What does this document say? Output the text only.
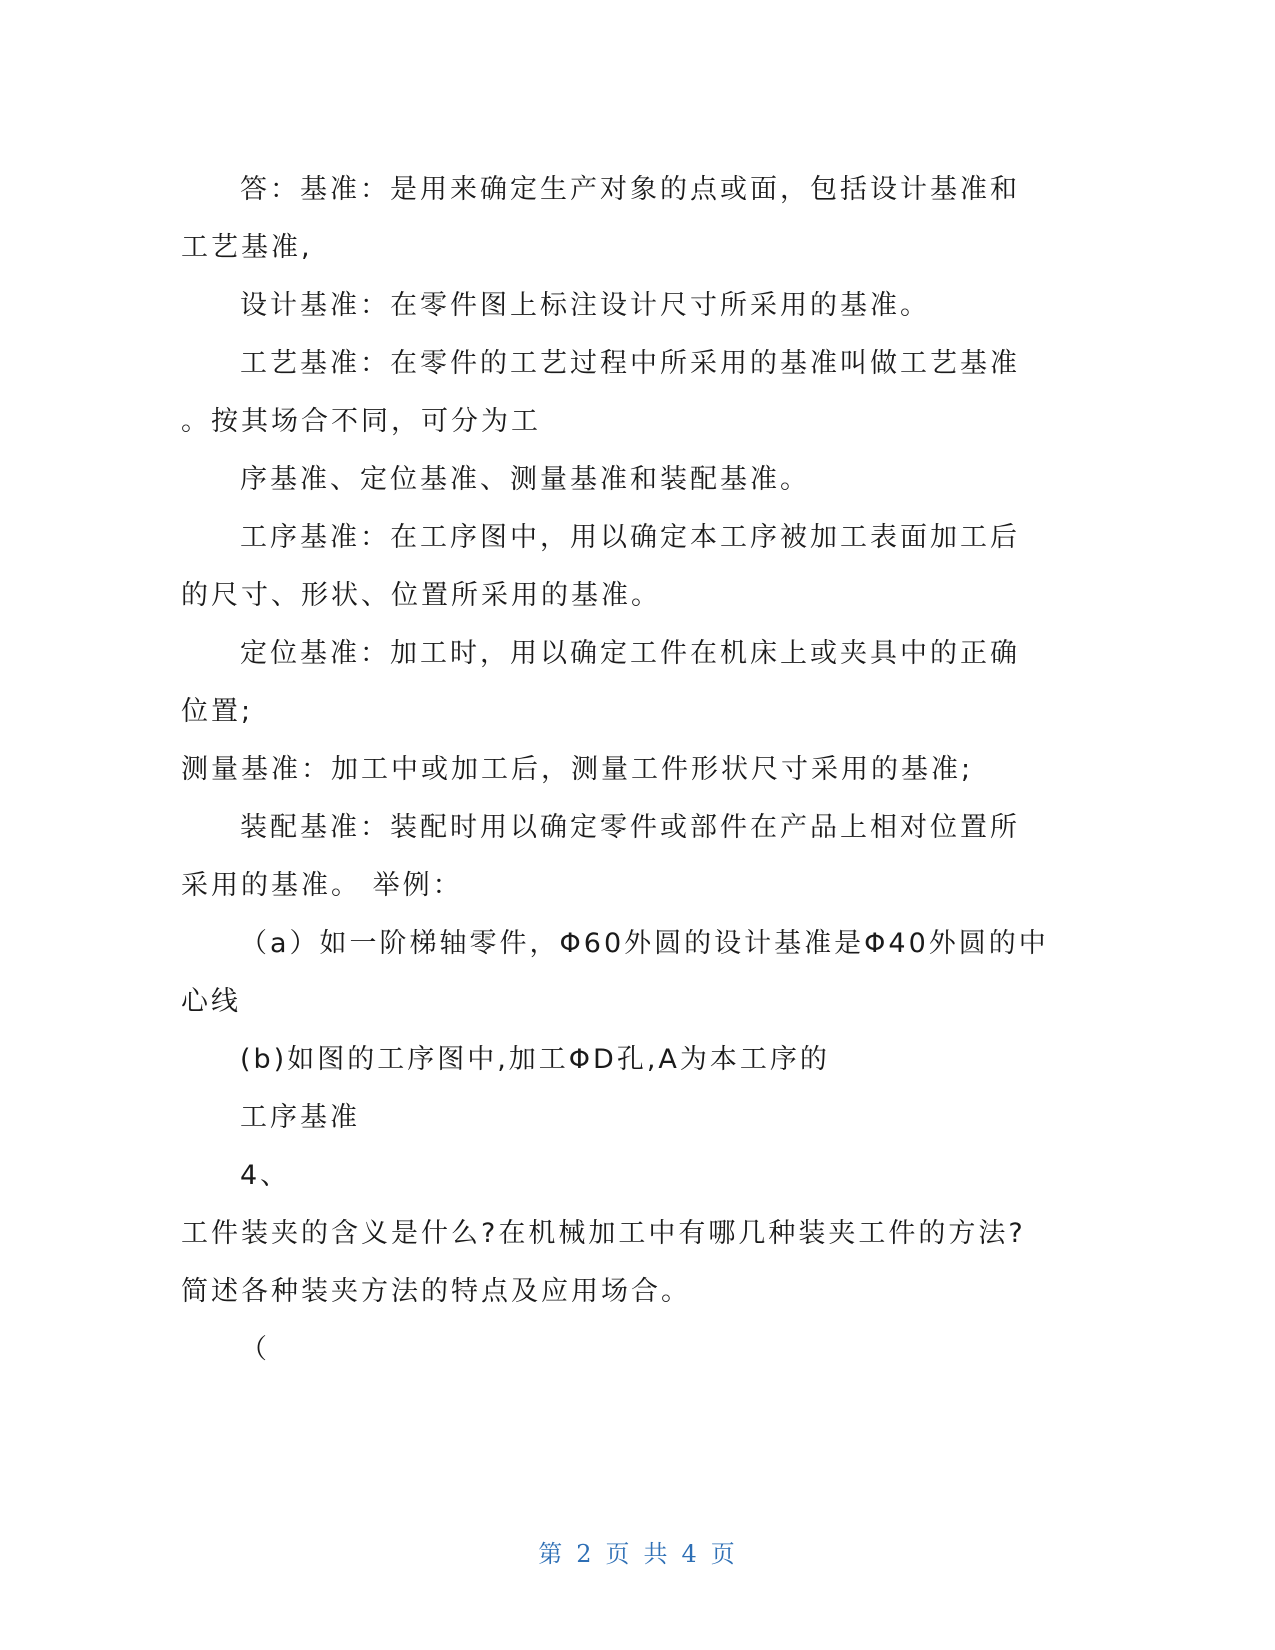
答：基准：是用来确定生产对象的点或面，包括设计基准和

工艺基准,

设计基准：在零件图上标注设计尺寸所采用的基准。

工艺基准：在零件的工艺过程中所采用的基准叫做工艺基准

。按其场合不同，可分为工

序基准、定位基准、测量基准和装配基准。

工序基准：在工序图中，用以确定本工序被加工表面加工后

的尺寸、形状、位置所采用的基准。

定位基准：加工时，用以确定工件在机床上或夹具中的正确

位置;

测量基准：加工中或加工后，测量工件形状尺寸采用的基准;

装配基准：装配时用以确定零件或部件在产品上相对位置所

采用的基准。 举例：

（a）如一阶梯轴零件，Φ60外圆的设计基准是Φ40外圆的中

心线

(b)如图的工序图中,加工ΦD孔,A为本工序的

工序基准

4、

工件装夹的含义是什么?在机械加工中有哪几种装夹工件的方法?

简述各种装夹方法的特点及应用场合。

（

第 2 页 共 4 页
